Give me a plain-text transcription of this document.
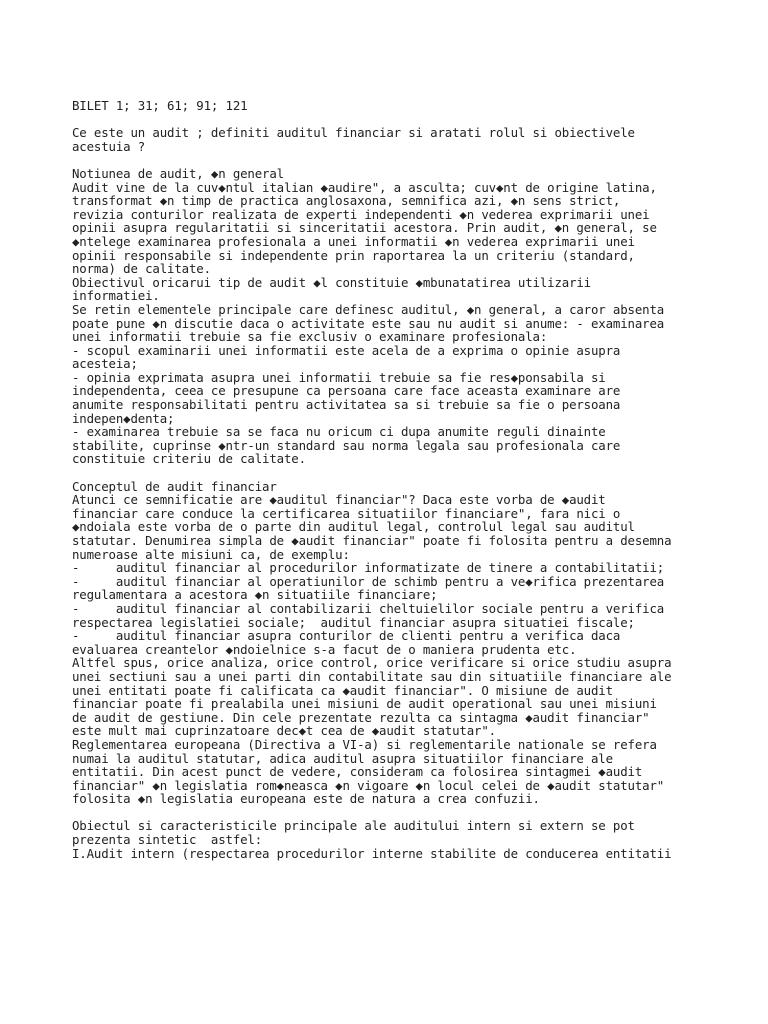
BILET 1; 31; 61; 91; 121
Ce este un audit ; definiti auditul financiar si aratati rolul si obiectivele
acestuia ?
Notiunea de audit, ◆n general
Audit vine de la cuv◆ntul italian ◆audire", a asculta; cuv◆nt de origine latina,
transformat ◆n timp de practica anglosaxona, semnifica azi, ◆n sens strict,
revizia conturilor realizata de experti independenti ◆n vederea exprimarii unei
opinii asupra regularitatii si sinceritatii acestora. Prin audit, ◆n general, se
◆ntelege examinarea profesionala a unei informatii ◆n vederea exprimarii unei
opinii responsabile si independente prin raportarea la un criteriu (standard,
norma) de calitate.
Obiectivul oricarui tip de audit ◆l constituie ◆mbunatatirea utilizarii
informatiei.
Se retin elementele principale care definesc auditul, ◆n general, a caror absenta
poate pune ◆n discutie daca o activitate este sau nu audit si anume: - examinarea
unei informatii trebuie sa fie exclusiv o examinare profesionala:
- scopul examinarii unei informatii este acela de a exprima o opinie asupra
acesteia;
- opinia exprimata asupra unei informatii trebuie sa fie res◆ponsabila si
independenta, ceea ce presupune ca persoana care face aceasta examinare are
anumite responsabilitati pentru activitatea sa si trebuie sa fie o persoana
indepen◆denta;
- examinarea trebuie sa se faca nu oricum ci dupa anumite reguli dinainte
stabilite, cuprinse ◆ntr-un standard sau norma legala sau profesionala care
constituie criteriu de calitate.
Conceptul de audit financiar
Atunci ce semnificatie are ◆auditul financiar"? Daca este vorba de ◆audit
financiar care conduce la certificarea situatiilor financiare", fara nici o
◆ndoiala este vorba de o parte din auditul legal, controlul legal sau auditul
statutar. Denumirea simpla de ◆audit financiar" poate fi folosita pentru a desemna
numeroase alte misiuni ca, de exemplu:
-     auditul financiar al procedurilor informatizate de tinere a contabilitatii;
-     auditul financiar al operatiunilor de schimb pentru a ve◆rifica prezentarea
regulamentara a acestora ◆n situatiile financiare;
-     auditul financiar al contabilizarii cheltuielilor sociale pentru a verifica
respectarea legislatiei sociale;  auditul financiar asupra situatiei fiscale;
-     auditul financiar asupra conturilor de clienti pentru a verifica daca
evaluarea creantelor ◆ndoielnice s-a facut de o maniera prudenta etc.
Altfel spus, orice analiza, orice control, orice verificare si orice studiu asupra
unei sectiuni sau a unei parti din contabilitate sau din situatiile financiare ale
unei entitati poate fi calificata ca ◆audit financiar". O misiune de audit
financiar poate fi prealabila unei misiuni de audit operational sau unei misiuni
de audit de gestiune. Din cele prezentate rezulta ca sintagma ◆audit financiar"
este mult mai cuprinzatoare dec◆t cea de ◆audit statutar".
Reglementarea europeana (Directiva a VI-a) si reglementarile nationale se refera
numai la auditul statutar, adica auditul asupra situatiilor financiare ale
entitatii. Din acest punct de vedere, consideram ca folosirea sintagmei ◆audit
financiar" ◆n legislatia rom◆neasca ◆n vigoare ◆n locul celei de ◆audit statutar"
folosita ◆n legislatia europeana este de natura a crea confuzii.
Obiectul si caracteristicile principale ale auditului intern si extern se pot
prezenta sintetic  astfel:
I.Audit intern (respectarea procedurilor interne stabilite de conducerea entitatii
